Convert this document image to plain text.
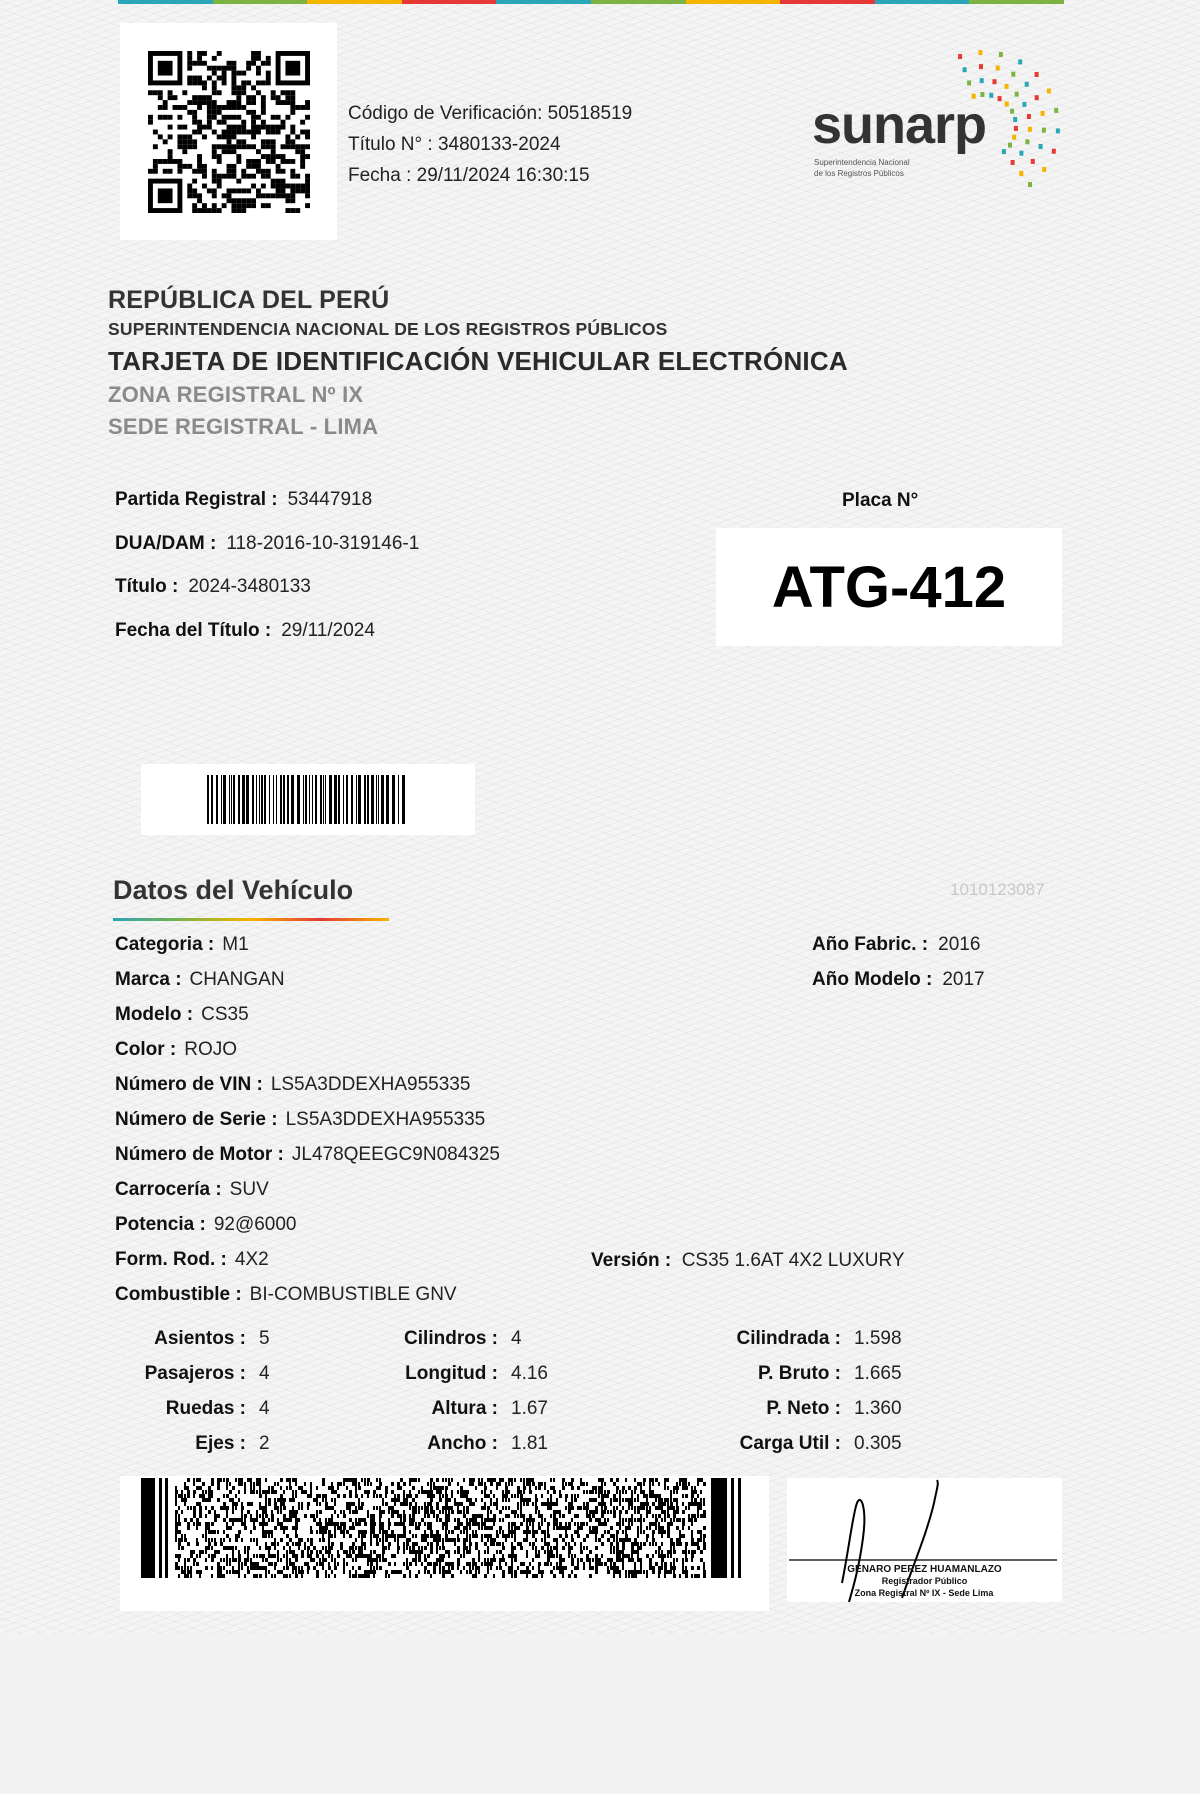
Código de Verificación: 50518519
Título N° : 3480133-2024
Fecha : 29/11/2024 16:30:15
sunarp
Superintendencia Nacional
de los Registros Públicos
REPÚBLICA DEL PERÚ
SUPERINTENDENCIA NACIONAL DE LOS REGISTROS PÚBLICOS
TARJETA DE IDENTIFICACIÓN VEHICULAR ELECTRÓNICA
ZONA REGISTRAL Nº IX
SEDE REGISTRAL - LIMA
Partida Registral : 53447918
DUA/DAM : 118-2016-10-319146-1
Título : 2024-3480133
Fecha del Título : 29/11/2024
Placa N°
ATG-412
Datos del Vehículo	1010123087
Categoria : M1
Marca : CHANGAN
Modelo : CS35
Color : ROJO
Número de VIN : LS5A3DDEXHA955335
Número de Serie : LS5A3DDEXHA955335
Número de Motor : JL478QEEGC9N084325
Carrocería : SUV
Potencia : 92@6000
Form. Rod. : 4X2
Combustible : BI-COMBUSTIBLE GNV
Año Fabric. : 2016
Año Modelo : 2017
Versión : CS35 1.6AT 4X2 LUXURY
Asientos : 5	Cilindros : 4	Cilindrada : 1.598
Pasajeros : 4	Longitud : 4.16	P. Bruto : 1.665
Ruedas : 4	Altura : 1.67	P. Neto : 1.360
Ejes : 2	Ancho : 1.81	Carga Util : 0.305
GENARO PEREZ HUAMANLAZO
Registrador Público
Zona Registral Nº IX - Sede Lima
